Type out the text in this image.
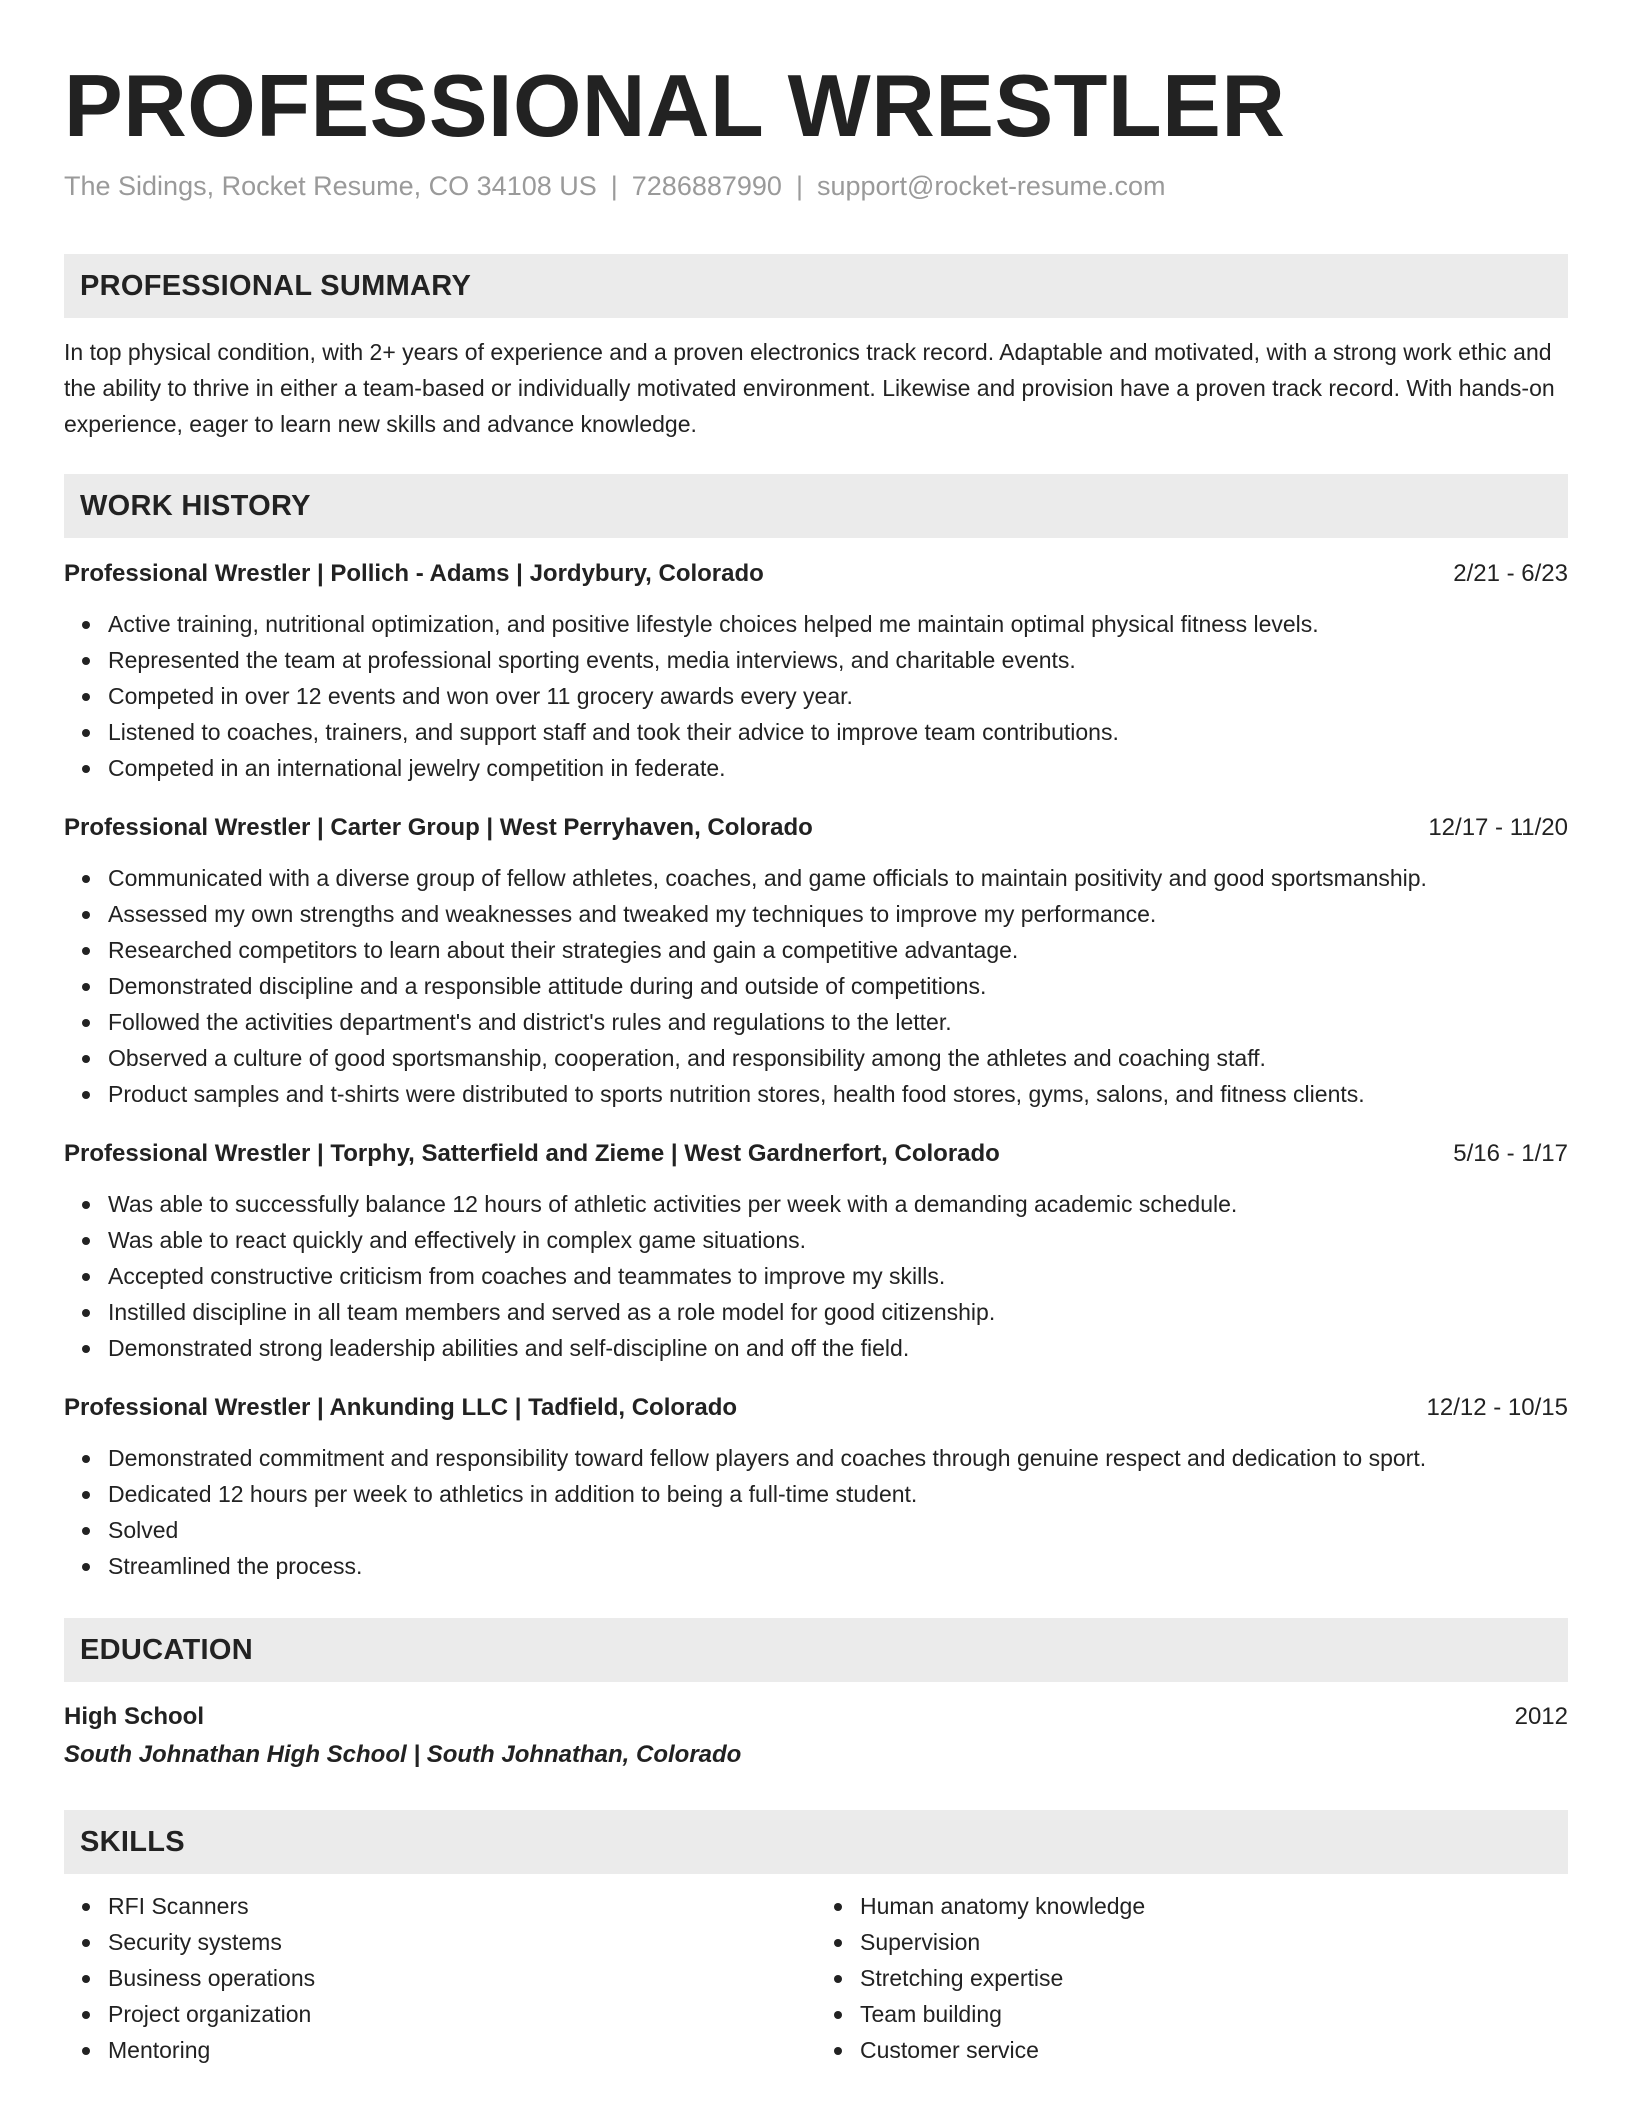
PROFESSIONAL WRESTLER
The Sidings, Rocket Resume, CO 34108 US | 7286887990 | support@rocket-resume.com
PROFESSIONAL SUMMARY
In top physical condition, with 2+ years of experience and a proven electronics track record. Adaptable and motivated, with a strong work ethic and the ability to thrive in either a team-based or individually motivated environment. Likewise and provision have a proven track record. With hands-on experience, eager to learn new skills and advance knowledge.
WORK HISTORY
Professional Wrestler | Pollich - Adams | Jordybury, Colorado	2/21 - 6/23
Active training, nutritional optimization, and positive lifestyle choices helped me maintain optimal physical fitness levels.
Represented the team at professional sporting events, media interviews, and charitable events.
Competed in over 12 events and won over 11 grocery awards every year.
Listened to coaches, trainers, and support staff and took their advice to improve team contributions.
Competed in an international jewelry competition in federate.
Professional Wrestler | Carter Group | West Perryhaven, Colorado	12/17 - 11/20
Communicated with a diverse group of fellow athletes, coaches, and game officials to maintain positivity and good sportsmanship.
Assessed my own strengths and weaknesses and tweaked my techniques to improve my performance.
Researched competitors to learn about their strategies and gain a competitive advantage.
Demonstrated discipline and a responsible attitude during and outside of competitions.
Followed the activities department's and district's rules and regulations to the letter.
Observed a culture of good sportsmanship, cooperation, and responsibility among the athletes and coaching staff.
Product samples and t-shirts were distributed to sports nutrition stores, health food stores, gyms, salons, and fitness clients.
Professional Wrestler | Torphy, Satterfield and Zieme | West Gardnerfort, Colorado	5/16 - 1/17
Was able to successfully balance 12 hours of athletic activities per week with a demanding academic schedule.
Was able to react quickly and effectively in complex game situations.
Accepted constructive criticism from coaches and teammates to improve my skills.
Instilled discipline in all team members and served as a role model for good citizenship.
Demonstrated strong leadership abilities and self-discipline on and off the field.
Professional Wrestler | Ankunding LLC | Tadfield, Colorado	12/12 - 10/15
Demonstrated commitment and responsibility toward fellow players and coaches through genuine respect and dedication to sport.
Dedicated 12 hours per week to athletics in addition to being a full-time student.
Solved
Streamlined the process.
EDUCATION
High School	2012
South Johnathan High School | South Johnathan, Colorado
SKILLS
RFI Scanners
Security systems
Business operations
Project organization
Mentoring
Human anatomy knowledge
Supervision
Stretching expertise
Team building
Customer service
